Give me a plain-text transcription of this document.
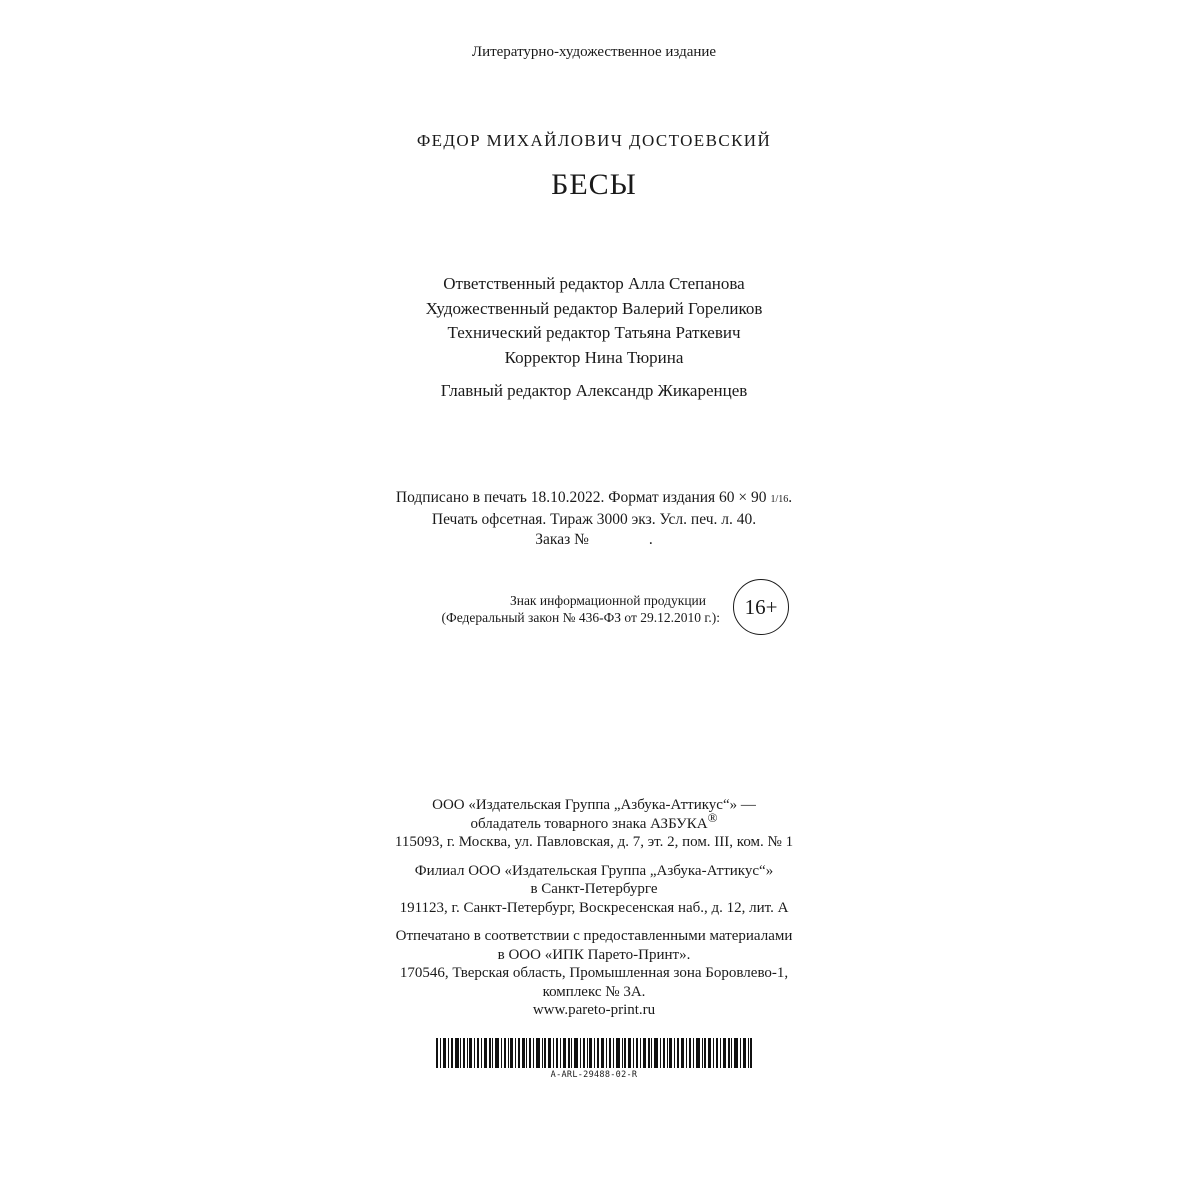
Литературно-художественное издание
ФЕДОР МИХАЙЛОВИЧ ДОСТОЕВСКИЙ
БЕСЫ
Ответственный редактор Алла Степанова
Художественный редактор Валерий Гореликов
Технический редактор Татьяна Раткевич
Корректор Нина Тюрина
Главный редактор Александр Жикаренцев
Подписано в печать 18.10.2022. Формат издания 60 × 90 1/16.
Печать офсетная. Тираж 3000 экз. Усл. печ. л. 40.
Заказ №	.
Знак информационной продукции
(Федеральный закон № 436-ФЗ от 29.12.2010 г.):	16+
ООО «Издательская Группа „Азбука-Аттикус“» —
обладатель товарного знака АЗБУКА®
115093, г. Москва, ул. Павловская, д. 7, эт. 2, пом. III, ком. № 1
Филиал ООО «Издательская Группа „Азбука-Аттикус“»
в Санкт-Петербурге
191123, г. Санкт-Петербург, Воскресенская наб., д. 12, лит. А
Отпечатано в соответствии с предоставленными материалами
в ООО «ИПК Парето-Принт».
170546, Тверская область, Промышленная зона Боровлево-1,
комплекс № 3А.
www.pareto-print.ru
A-ARL-29488-02-R
